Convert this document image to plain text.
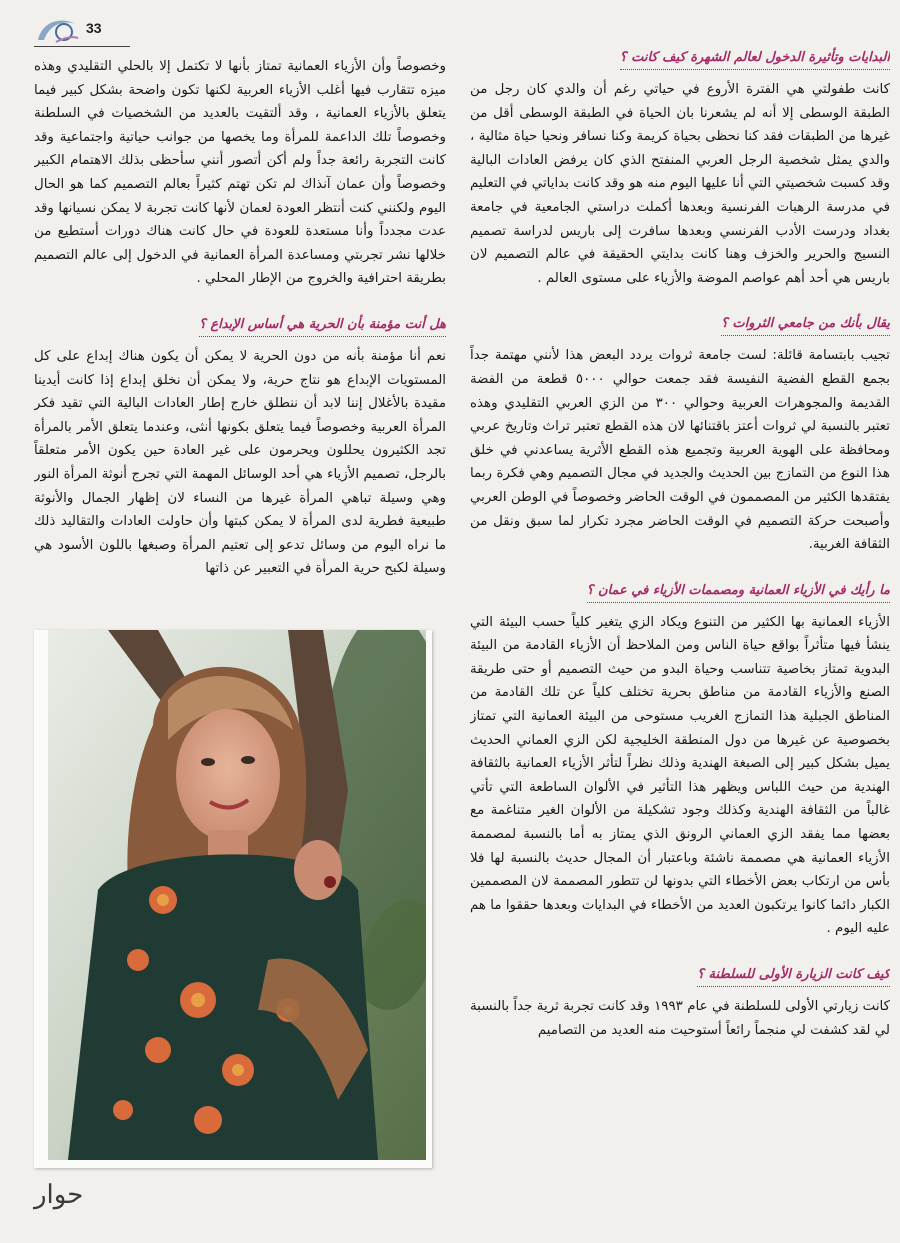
33
البدايات وتأثيرة الدخول لعالم الشهرة كيف كانت ؟

كانت طفولتي هي الفترة الأروع في حياتي رغم أن والدي كان رجل من الطبقة الوسطى إلا أنه لم يشعرنا بان الحياة في الطبقة الوسطى أقل من غيرها من الطبقات فقد كنا نحظى بحياة كريمة وكنا نسافر ونحيا حياة مثالية ، والدي يمثل شخصية الرجل العربي المنفتح الذي كان يرفض العادات البالية وقد كسبت شخصيتي التي أنا عليها اليوم منه هو وقد كانت بداياتي في التعليم في مدرسة الرهبات الفرنسية وبعدها أكملت دراستي الجامعية في جامعة بغداد ودرست الأدب الفرنسي وبعدها سافرت إلى باريس لدراسة تصميم النسيج والحرير والخزف وهنا كانت بدايتي الحقيقة في عالم التصميم لان باريس هي أحد أهم عواصم الموضة والأزياء على مستوى العالم .

يقال بأنك من جامعي الثروات ؟

تجيب بابتسامة قائلة: لست جامعة ثروات يردد البعض هذا لأنني مهتمة جداً بجمع القطع الفضية النفيسة فقد جمعت حوالي ٥٠٠٠ قطعة من الفضة القديمة والمجوهرات العربية وحوالي ٣٠٠ من الزي العربي التقليدي وهذه تعتبر بالنسبة لي ثروات أعتز باقتنائها لان هذه القطع تعتبر تراث وتاريخ عربي ومحافظة على الهوية العربية وتجميع هذه القطع الأثرية يساعدني في خلق هذا النوع من التمازج بين الحديث والجديد في مجال التصميم وهي فكرة ربما يفتقدها الكثير من المصممون في الوقت الحاضر وخصوصاً في الوطن العربي وأصبحت حركة التصميم في الوقت الحاضر مجرد تكرار لما سبق ونقل من الثقافة الغربية.

ما رأيك في الأزياء العمانية ومصممات الأزياء في عمان ؟

الأزياء العمانية بها الكثير من التنوع ويكاد الزي يتغير كلياً حسب البيئة التي ينشأ فيها متأثراً بواقع حياة الناس ومن الملاحظ أن الأزياء القادمة من البيئة البدوية تمتاز بخاصية تتناسب وحياة البدو من حيث التصميم أو حتى طريقة الصنع والأزياء القادمة من مناطق بحرية تختلف كلياً عن تلك القادمة من المناطق الجبلية هذا التمازج الغريب مستوحى من البيئة العمانية التي تمتاز بخصوصية عن غيرها من دول المنطقة الخليجية لكن الزي العماني الحديث يميل بشكل كبير إلى الصبغة الهندية وذلك نظراً لتأثر الأزياء العمانية بالثقافة الهندية من حيث اللباس ويظهر هذا التأثير في الألوان الساطعة التي تأتي غالباً من الثقافة الهندية وكذلك وجود تشكيلة من الألوان الغير متناغمة مع بعضها مما يفقد الزي العماني الرونق الذي يمتاز به أما بالنسبة لمصممة الأزياء العمانية هي مصممة ناشئة وباعتبار أن المجال حديث بالنسبة لها فلا بأس من ارتكاب بعض الأخطاء التي بدونها لن تتطور المصممة لان المصممين الكبار دائما كانوا يرتكبون العديد من الأخطاء في البدايات وبعدها حققوا ما هم عليه اليوم .

كيف كانت الزيارة الأولى للسلطنة ؟

كانت زيارتي الأولى للسلطنة في عام ١٩٩٣ وقد كانت تجربة ثرية جداً بالنسبة لي لقد كشفت لي منجماً رائعاً أستوحيت منه العديد من التصاميم

وخصوصاً وأن الأزياء العمانية تمتاز بأنها لا تكتمل إلا بالحلي التقليدي وهذه ميزه تتقارب فيها أغلب الأزياء العربية لكنها تكون واضحة بشكل كبير فيما يتعلق بالأزياء العمانية ، وقد ألتقيت بالعديد من الشخصيات في السلطنة وخصوصاً تلك الداعمة للمرأة وما يخصها من جوانب حياتية واجتماعية وقد كانت التجربة رائعة جداً ولم أكن أتصور أنني سأحظى بذلك الاهتمام الكبير وخصوصاً وأن عمان آنذاك لم تكن تهتم كثيراً بعالم التصميم كما هو الحال اليوم ولكنني كنت أنتظر العودة لعمان لأنها كانت تجربة لا يمكن نسيانها وقد عدت مجدداً وأنا مستعدة للعودة في حال كانت هناك دورات أستطيع من خلالها نشر تجربتي ومساعدة المرأة العمانية في الدخول إلى عالم التصميم بطريقة احترافية والخروج من الإطار المحلي .

هل أنت مؤمنة بأن الحرية هي أساس الإبداع ؟

نعم أنا مؤمنة بأنه من دون الحرية لا يمكن أن يكون هناك إبداع على كل المستويات الإبداع هو نتاج حرية، ولا يمكن أن نخلق إبداع إذا كانت أيدينا مقيدة بالأغلال إننا لابد أن ننطلق خارج إطار العادات البالية التي تقيد فكر المرأة العربية وخصوصاً فيما يتعلق بكونها أنثى، وعندما يتعلق الأمر بالمرأة تجد الكثيرون يحللون ويحرمون على غير العادة حين يكون الأمر متعلقاً بالرجل، تصميم الأزياء هي أحد الوسائل المهمة التي تجرج أنوثة المرأة النور وهي وسيلة تباهي المرأة غيرها من النساء لان إظهار الجمال والأنوثة طبيعية فطرية لدى المرأة لا يمكن كبتها وأن حاولت العادات والتقاليد ذلك ما نراه اليوم من وسائل تدعو إلى تعتيم المرأة وصبغها باللون الأسود هي وسيلة لكبح حرية المرأة في التعبير عن ذاتها

حوار
